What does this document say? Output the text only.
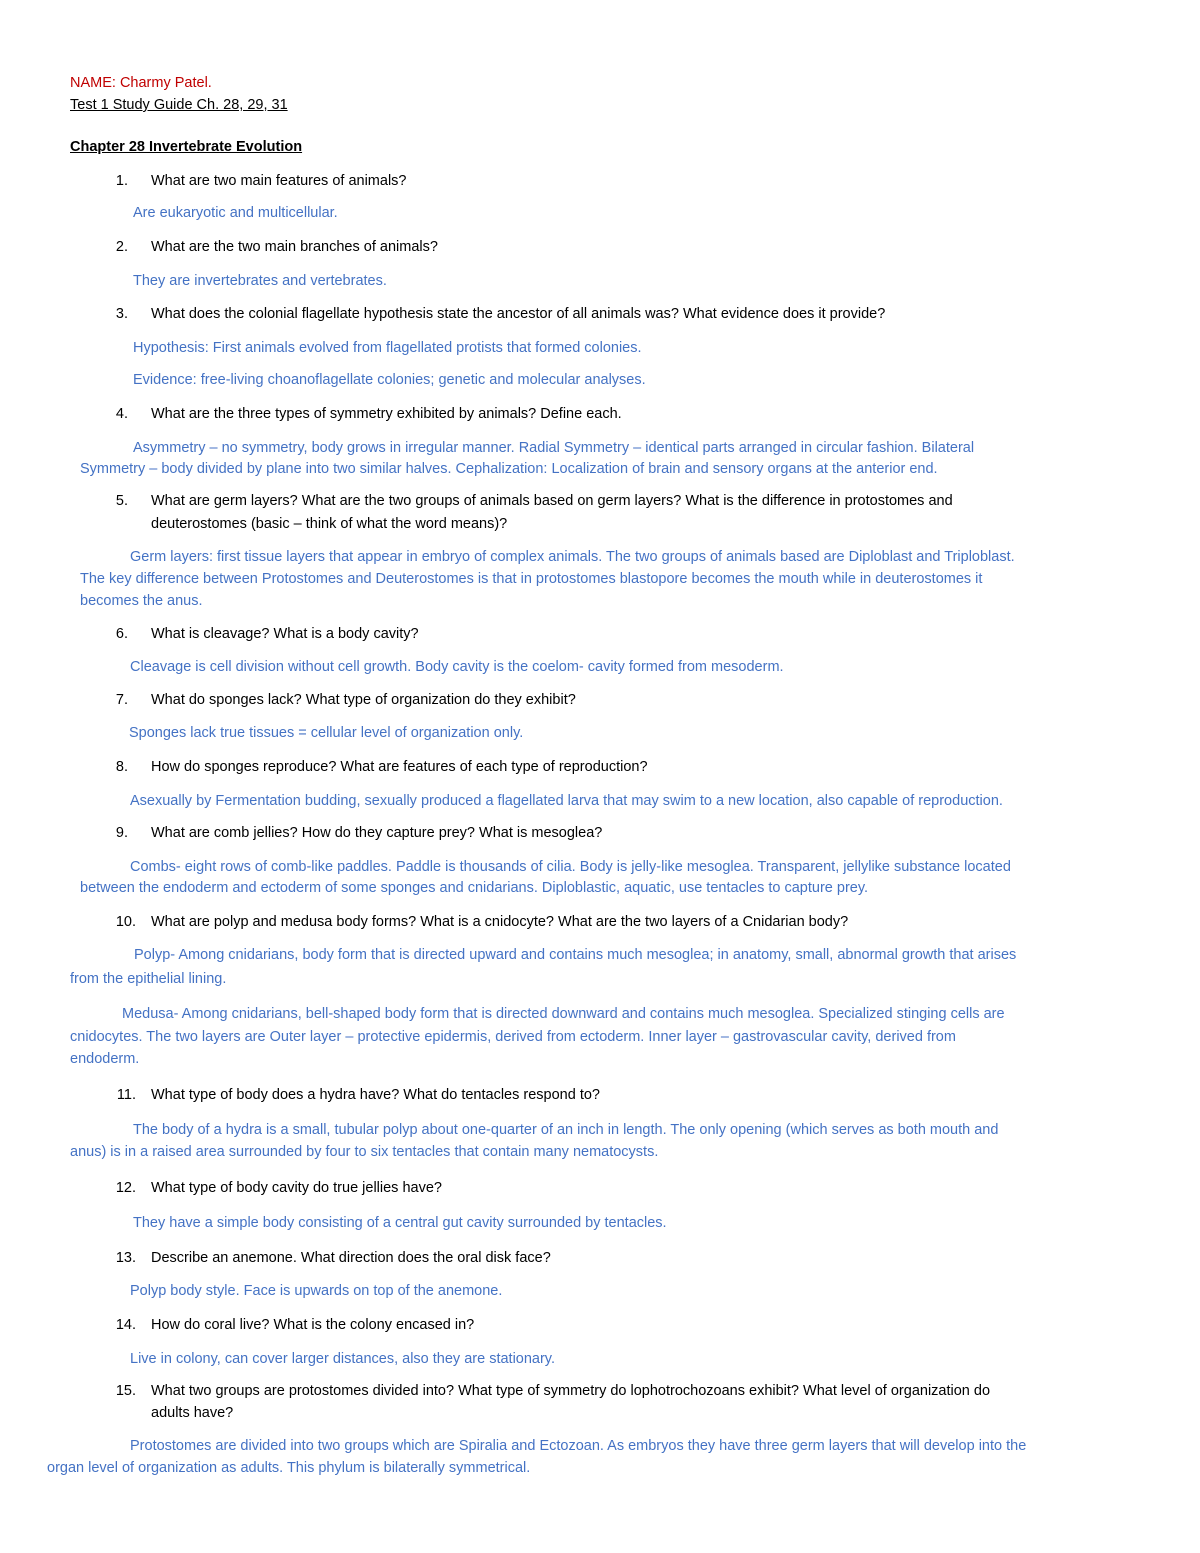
NAME: Charmy Patel.
Test 1 Study Guide Ch. 28, 29, 31
Chapter 28 Invertebrate Evolution
1. What are two main features of animals?
Are eukaryotic and multicellular.
2. What are the two main branches of animals?
They are invertebrates and vertebrates.
3. What does the colonial flagellate hypothesis state the ancestor of all animals was? What evidence does it provide?
Hypothesis: First animals evolved from flagellated protists that formed colonies.
Evidence: free-living choanoflagellate colonies; genetic and molecular analyses.
4. What are the three types of symmetry exhibited by animals? Define each.
Asymmetry – no symmetry, body grows in irregular manner. Radial Symmetry – identical parts arranged in circular fashion. Bilateral
Symmetry – body divided by plane into two similar halves. Cephalization: Localization of brain and sensory organs at the anterior end.
5. What are germ layers? What are the two groups of animals based on germ layers? What is the difference in protostomes and
deuterostomes (basic – think of what the word means)?
Germ layers: first tissue layers that appear in embryo of complex animals. The two groups of animals based are Diploblast and Triploblast.
The key difference between Protostomes and Deuterostomes is that in protostomes blastopore becomes the mouth while in deuterostomes it
becomes the anus.
6. What is cleavage? What is a body cavity?
Cleavage is cell division without cell growth. Body cavity is the coelom- cavity formed from mesoderm.
7. What do sponges lack? What type of organization do they exhibit?
Sponges lack true tissues = cellular level of organization only.
8. How do sponges reproduce? What are features of each type of reproduction?
Asexually by Fermentation budding, sexually produced a flagellated larva that may swim to a new location, also capable of reproduction.
9. What are comb jellies? How do they capture prey? What is mesoglea?
Combs- eight rows of comb-like paddles. Paddle is thousands of cilia. Body is jelly-like mesoglea. Transparent, jellylike substance located
between the endoderm and ectoderm of some sponges and cnidarians. Diploblastic, aquatic, use tentacles to capture prey.
10. What are polyp and medusa body forms? What is a cnidocyte? What are the two layers of a Cnidarian body?
Polyp- Among cnidarians, body form that is directed upward and contains much mesoglea; in anatomy, small, abnormal growth that arises
from the epithelial lining.
Medusa- Among cnidarians, bell-shaped body form that is directed downward and contains much mesoglea. Specialized stinging cells are
cnidocytes. The two layers are Outer layer – protective epidermis, derived from ectoderm. Inner layer – gastrovascular cavity, derived from
endoderm.
11. What type of body does a hydra have? What do tentacles respond to?
The body of a hydra is a small, tubular polyp about one-quarter of an inch in length. The only opening (which serves as both mouth and
anus) is in a raised area surrounded by four to six tentacles that contain many nematocysts.
12. What type of body cavity do true jellies have?
They have a simple body consisting of a central gut cavity surrounded by tentacles.
13. Describe an anemone. What direction does the oral disk face?
Polyp body style. Face is upwards on top of the anemone.
14. How do coral live? What is the colony encased in?
Live in colony, can cover larger distances, also they are stationary.
15. What two groups are protostomes divided into? What type of symmetry do lophotrochozoans exhibit? What level of organization do
adults have?
Protostomes are divided into two groups which are Spiralia and Ectozoan. As embryos they have three germ layers that will develop into the
organ level of organization as adults. This phylum is bilaterally symmetrical.
